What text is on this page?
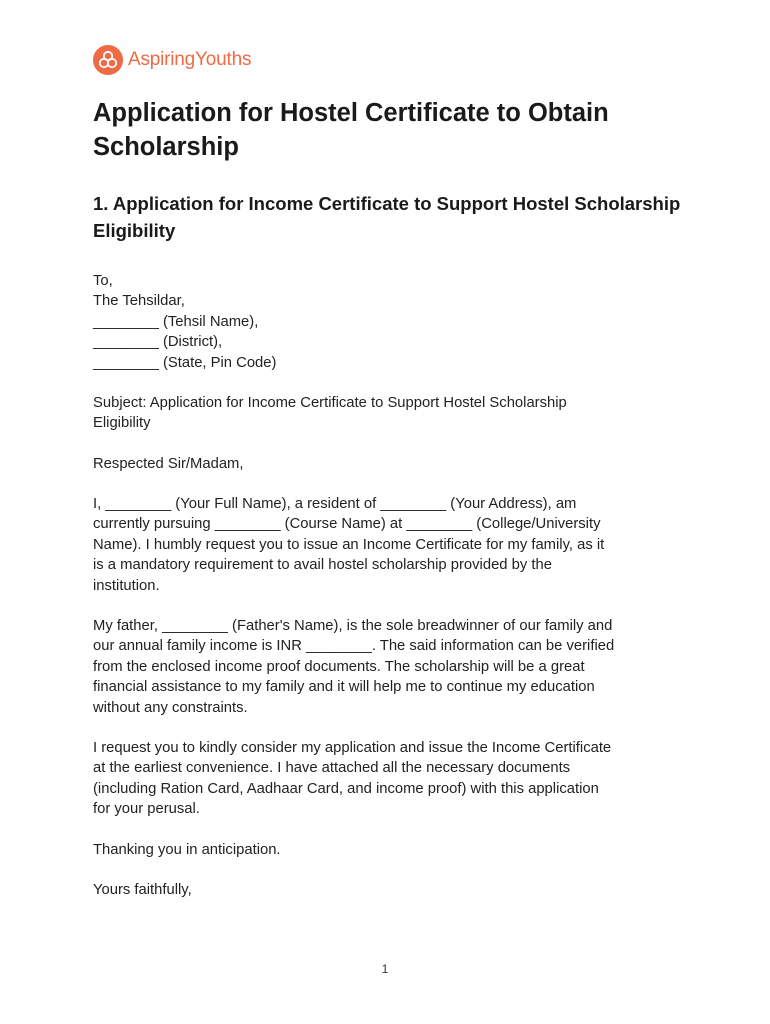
AspiringYouths
Application for Hostel Certificate to Obtain Scholarship
1. Application for Income Certificate to Support Hostel Scholarship Eligibility
To,
The Tehsildar,
________ (Tehsil Name),
________ (District),
________ (State, Pin Code)
Subject: Application for Income Certificate to Support Hostel Scholarship
Eligibility

Respected Sir/Madam,

I, ________ (Your Full Name), a resident of ________ (Your Address), am
currently pursuing ________ (Course Name) at ________ (College/University
Name). I humbly request you to issue an Income Certificate for my family, as it
is a mandatory requirement to avail hostel scholarship provided by the
institution.
My father, ________ (Father's Name), is the sole breadwinner of our family and
our annual family income is INR ________. The said information can be verified
from the enclosed income proof documents. The scholarship will be a great
financial assistance to my family and it will help me to continue my education
without any constraints.
I request you to kindly consider my application and issue the Income Certificate
at the earliest convenience. I have attached all the necessary documents
(including Ration Card, Aadhaar Card, and income proof) with this application
for your perusal.

Thanking you in anticipation.

Yours faithfully,

1
